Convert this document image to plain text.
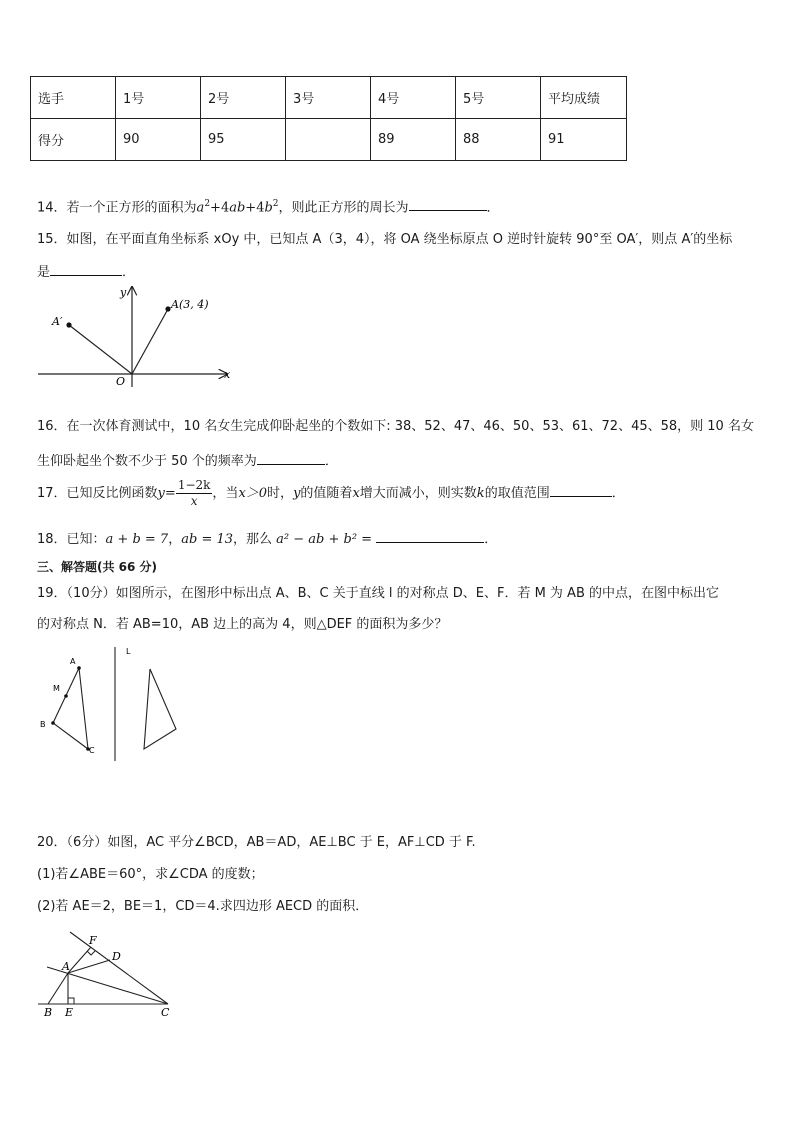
选手	1号	2号	3号	4号	5号	平均成绩
得分	90	95		89	88	91
14．若一个正方形的面积为$a^2+4ab+4b^2$，则此正方形的周长为	．
15．如图，在平面直角坐标系 xOy 中，已知点 A（3，4），将 OA 绕坐标原点 O 逆时针旋转 90°至 OA′，则点 A′的坐标
是	．
y
x
O
A(3, 4)
A′
16．在一次体育测试中，10 名女生完成仰卧起坐的个数如下: 38、52、47、46、50、53、61、72、45、58，则 10 名女
生仰卧起坐个数不少于 50 个的频率为	．
17．已知反比例函数$y= \frac{1-2k}{x}$ ，当x＞0时，y的值随着x增大而减小，则实数k的取值范围	．
18．已知：a + b = 7，ab = 13，那么 a² − ab + b² =	．
三、解答题(共 66 分)
19．（10分）如图所示，在图形中标出点 A、B、C 关于直线 l 的对称点 D、E、F．若 M 为 AB 的中点，在图中标出它
的对称点 N．若 AB=10，AB 边上的高为 4，则△DEF 的面积为多少？
A
M
B
C
L
20．（6分）如图，AC 平分∠BCD，AB＝AD，AE⊥BC 于 E，AF⊥CD 于 F.
(1)若∠ABE＝60°，求∠CDA 的度数；
(2)若 AE＝2，BE＝1，CD＝4.求四边形 AECD 的面积．
F
D
A
B E	C
